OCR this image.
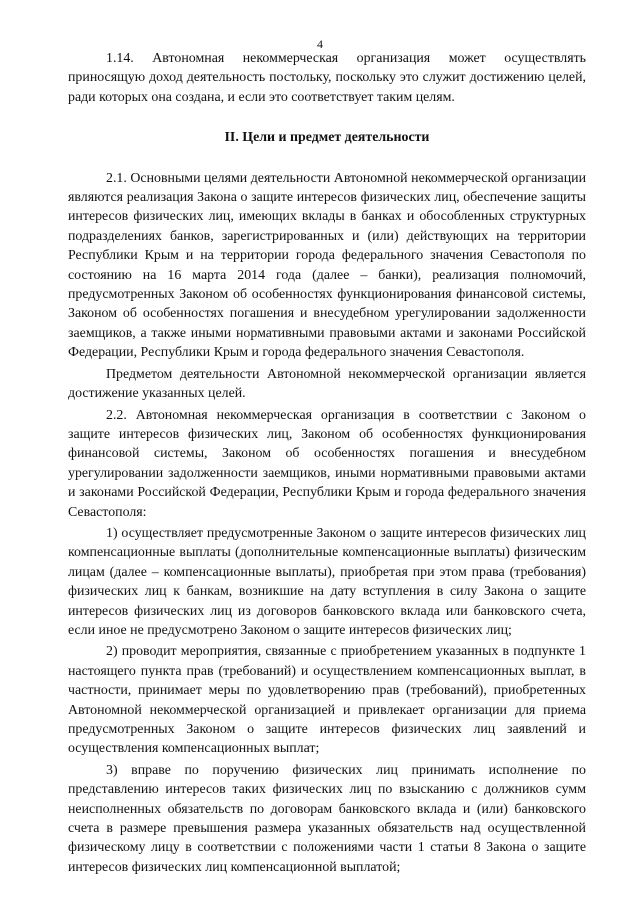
4

1.14. Автономная некоммерческая организация может осуществлять приносящую доход деятельность постольку, поскольку это служит достижению целей, ради которых она создана, и если это соответствует таким целям.

II. Цели и предмет деятельности

2.1. Основными целями деятельности Автономной некоммерческой организации являются реализация Закона о защите интересов физических лиц, обеспечение защиты интересов физических лиц, имеющих вклады в банках и обособленных структурных подразделениях банков, зарегистрированных и (или) действующих на территории Республики Крым и на территории города федерального значения Севастополя по состоянию на 16 марта 2014 года (далее – банки), реализация полномочий, предусмотренных Законом об особенностях функционирования финансовой системы, Законом об особенностях погашения и внесудебном урегулировании задолженности заемщиков, а также иными нормативными правовыми актами и законами Российской Федерации, Республики Крым и города федерального значения Севастополя.

Предметом деятельности Автономной некоммерческой организации является достижение указанных целей.

2.2. Автономная некоммерческая организация в соответствии с Законом о защите интересов физических лиц, Законом об особенностях функционирования финансовой системы, Законом об особенностях погашения и внесудебном урегулировании задолженности заемщиков, иными нормативными правовыми актами и законами Российской Федерации, Республики Крым и города федерального значения Севастополя:

1) осуществляет предусмотренные Законом о защите интересов физических лиц компенсационные выплаты (дополнительные компенсационные выплаты) физическим лицам (далее – компенсационные выплаты), приобретая при этом права (требования) физических лиц к банкам, возникшие на дату вступления в силу Закона о защите интересов физических лиц из договоров банковского вклада или банковского счета, если иное не предусмотрено Законом о защите интересов физических лиц;

2) проводит мероприятия, связанные с приобретением указанных в подпункте 1 настоящего пункта прав (требований) и осуществлением компенсационных выплат, в частности, принимает меры по удовлетворению прав (требований), приобретенных Автономной некоммерческой организацией и привлекает организации для приема предусмотренных Законом о защите интересов физических лиц заявлений и осуществления компенсационных выплат;

3) вправе по поручению физических лиц принимать исполнение по представлению интересов таких физических лиц по взысканию с должников сумм неисполненных обязательств по договорам банковского вклада и (или) банковского счета в размере превышения размера указанных обязательств над осуществленной физическому лицу в соответствии с положениями части 1 статьи 8 Закона о защите интересов физических лиц компенсационной выплатой;
